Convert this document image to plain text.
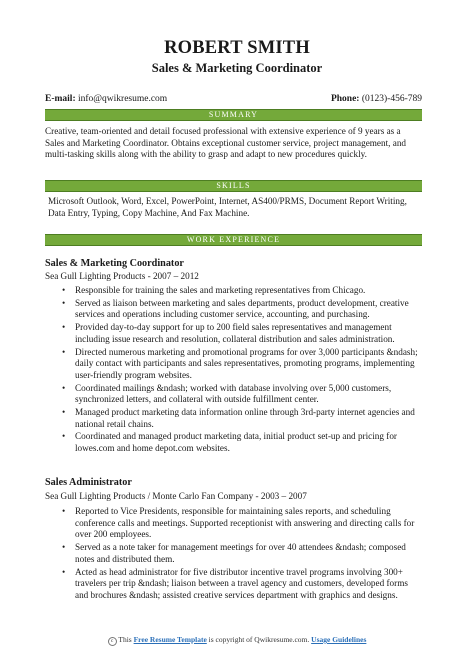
ROBERT SMITH
Sales & Marketing Coordinator
E-mail: info@qwikresume.com	Phone: (0123)-456-789
SUMMARY
Creative, team-oriented and detail focused professional with extensive experience of 9 years as a Sales and Marketing Coordinator. Obtains exceptional customer service, project management, and multi-tasking skills along with the ability to grasp and adapt to new procedures quickly.
SKILLS
Microsoft Outlook, Word, Excel, PowerPoint, Internet, AS400/PRMS, Document Report Writing, Data Entry, Typing, Copy Machine, And Fax Machine.
WORK EXPERIENCE
Sales & Marketing Coordinator
Sea Gull Lighting Products - 2007 – 2012
• Responsible for training the sales and marketing representatives from Chicago.
• Served as liaison between marketing and sales departments, product development, creative services and operations including customer service, accounting, and purchasing.
• Provided day-to-day support for up to 200 field sales representatives and management including issue research and resolution, collateral distribution and sales administration.
• Directed numerous marketing and promotional programs for over 3,000 participants &ndash; daily contact with participants and sales representatives, promoting programs, implementing user-friendly program websites.
• Coordinated mailings &ndash; worked with database involving over 5,000 customers, synchronized letters, and collateral with outside fulfillment center.
• Managed product marketing data information online through 3rd-party internet agencies and national retail chains.
• Coordinated and managed product marketing data, initial product set-up and pricing for lowes.com and home depot.com websites.
Sales Administrator
Sea Gull Lighting Products / Monte Carlo Fan Company - 2003 – 2007
• Reported to Vice Presidents, responsible for maintaining sales reports, and scheduling conference calls and meetings. Supported receptionist with answering and directing calls for over 200 employees.
• Served as a note taker for management meetings for over 40 attendees &ndash; composed notes and distributed them.
• Acted as head administrator for five distributor incentive travel programs involving 300+ travelers per trip &ndash; liaison between a travel agency and customers, developed forms and brochures &ndash; assisted creative services department with graphics and designs.
c This Free Resume Template is copyright of Qwikresume.com. Usage Guidelines
